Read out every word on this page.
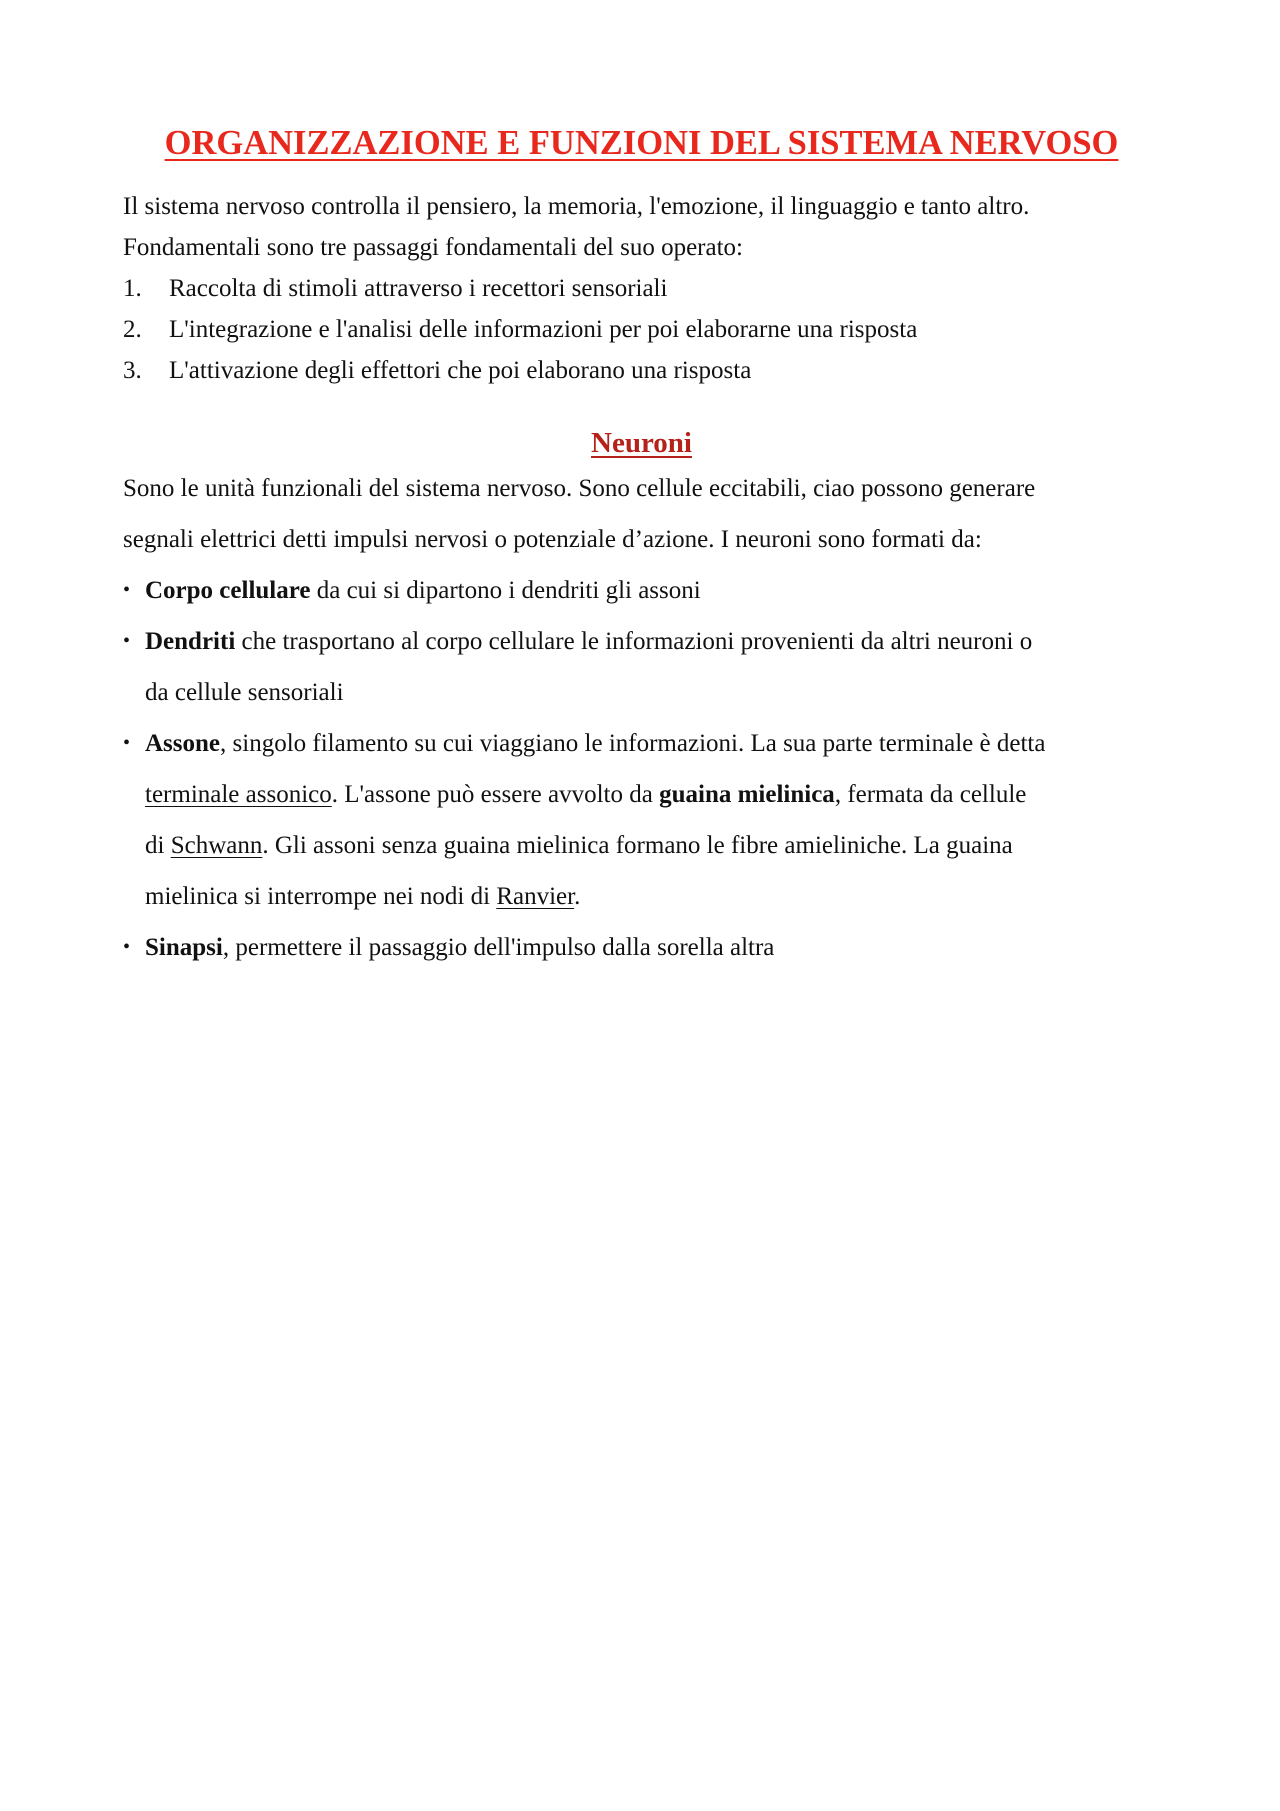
ORGANIZZAZIONE E FUNZIONI DEL SISTEMA NERVOSO

Il sistema nervoso controlla il pensiero, la memoria, l'emozione, il linguaggio e tanto altro.

Fondamentali sono tre passaggi fondamentali del suo operato:

1.	Raccolta di stimoli attraverso i recettori sensoriali
2.	L'integrazione e l'analisi delle informazioni per poi elaborarne una risposta
3.	L'attivazione degli effettori che poi elaborano una risposta
Neuroni

Sono le unità funzionali del sistema nervoso. Sono cellule eccitabili, ciao possono generare
segnali elettrici detti impulsi nervosi o potenziale d’azione. I neuroni sono formati da:

• Corpo cellulare da cui si dipartono i dendriti gli assoni
• Dendriti che trasportano al corpo cellulare le informazioni provenienti da altri neuroni o
da cellule sensoriali
• Assone, singolo filamento su cui viaggiano le informazioni. La sua parte terminale è detta
terminale assonico. L'assone può essere avvolto da guaina mielinica, fermata da cellule
di Schwann. Gli assoni senza guaina mielinica formano le fibre amieliniche. La guaina
mielinica si interrompe nei nodi di Ranvier.
• Sinapsi, permettere il passaggio dell'impulso dalla sorella altra
